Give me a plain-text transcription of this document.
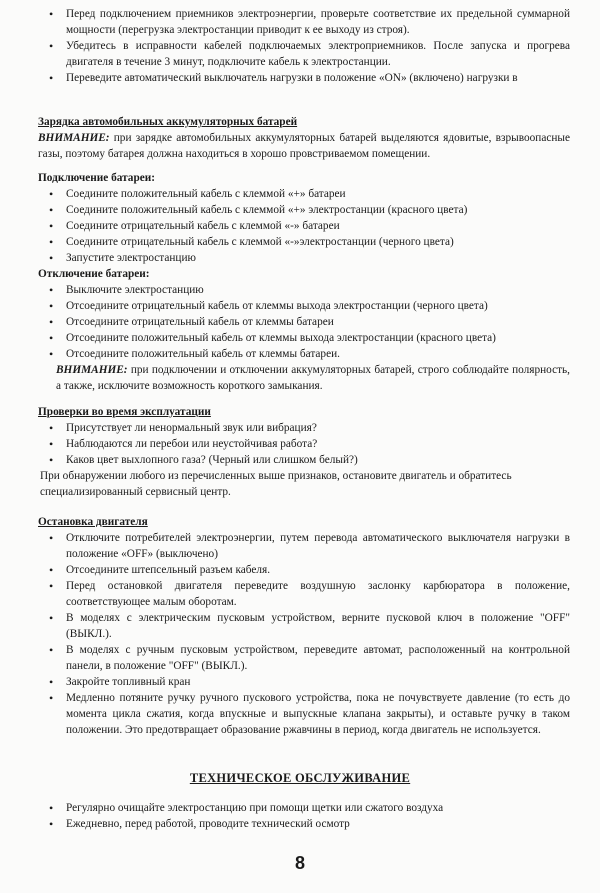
• Перед подключением приемников электроэнергии, проверьте соответствие их предельной суммарной мощности (перегрузка электростанции приводит к ее выходу из строя).
• Убедитесь в исправности кабелей подключаемых электроприемников. После запуска и прогрева двигателя в течение 3 минут, подключите кабель к электростанции.
• Переведите автоматический выключатель нагрузки в положение «ON» (включено) нагрузки в

Зарядка автомобильных аккумуляторных батарей

ВНИМАНИЕ: при зарядке автомобильных аккумуляторных батарей выделяются ядовитые, взрывоопасные газы, поэтому батарея должна находиться в хорошо провстриваемом помещении.

Подключение батареи:

• Соедините положительный кабель с клеммой «+» батареи
• Соедините положительный кабель с клеммой «+» электростанции (красного цвета)
• Соедините отрицательный кабель с клеммой «-» батареи
• Соедините отрицательный кабель с клеммой «-»электростанции (черного цвета)
• Запустите электростанцию

Отключение батареи:

• Выключите электростанцию
• Отсоедините отрицательный кабель от клеммы выхода электростанции (черного цвета)
• Отсоедините отрицательный кабель от клеммы батареи
• Отсоедините положительный кабель от клеммы выхода электростанции (красного цвета)
• Отсоедините положительный кабель от клеммы батареи.

ВНИМАНИЕ: при подключении и отключении аккумуляторных батарей, строго соблюдайте полярность, а также, исключите возможность короткого замыкания.

Проверки во время эксплуатации

• Присутствует ли ненормальный звук или вибрация?
• Наблюдаются ли перебои или неустойчивая работа?
• Каков цвет выхлопного газа? (Черный или слишком белый?)

При обнаружении любого из перечисленных выше признаков, остановите двигатель и обратитесь специализированный сервисный центр.

Остановка двигателя

• Отключите потребителей электроэнергии, путем перевода автоматического выключателя нагрузки в положение «OFF» (выключено)
• Отсоедините штепсельный разъем кабеля.
• Перед остановкой двигателя переведите воздушную заслонку карбюратора в положение, соответствующее малым оборотам.
• В моделях с электрическим пусковым устройством, верните пусковой ключ в положение "OFF" (ВЫКЛ.).
• В моделях с ручным пусковым устройством, переведите автомат, расположенный на контрольной панели, в положение "OFF" (ВЫКЛ.).
• Закройте топливный кран
• Медленно потяните ручку ручного пускового устройства, пока не почувствуете давление (то есть до момента цикла сжатия, когда впускные и выпускные клапана закрыты), и оставьте ручку в таком положении. Это предотвращает образование ржавчины в период, когда двигатель не используется.
ТЕХНИЧЕСКОЕ ОБСЛУЖИВАНИЕ
• Регулярно очищайте электростанцию при помощи щетки или сжатого воздуха
• Ежедневно, перед работой, проводите технический осмотр
8
